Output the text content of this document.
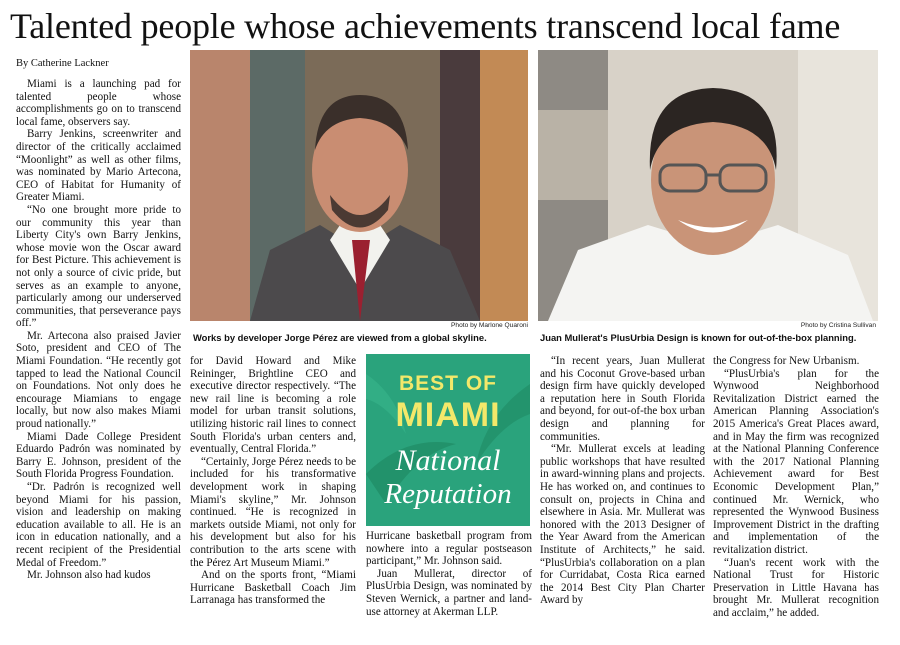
Talented people whose achievements transcend local fame
By Catherine Lackner

Miami is a launching pad for talented people whose accomplishments go on to transcend local fame, observers say.

Barry Jenkins, screenwriter and director of the critically acclaimed “Moonlight” as well as other films, was nominated by Mario Artecona, CEO of Habitat for Humanity of Greater Miami.

“No one brought more pride to our community this year than Liberty City's own Barry Jenkins, whose movie won the Oscar award for Best Picture. This achievement is not only a source of civic pride, but serves as an example to anyone, particularly among our underserved communities, that perseverance pays off.”

Mr. Artecona also praised Javier Soto, president and CEO of The Miami Foundation. “He recently got tapped to lead the National Council on Foundations. Not only does he encourage Miamians to engage locally, but now also makes Miami proud nationally.”

Miami Dade College President Eduardo Padrón was nominated by Barry E. Johnson, president of the South Florida Progress Foundation.

“Dr. Padrón is recognized well beyond Miami for his passion, vision and leadership on making education available to all. He is an icon in education nationally, and a recent recipient of the Presidential Medal of Freedom.”

Mr. Johnson also had kudos

Photo by Marlone Quaroni
Works by developer Jorge Pérez are viewed from a global skyline.
Photo by Cristina Sullivan
Juan Mullerat's PlusUrbia Design is known for out-of-the-box planning.

for David Howard and Mike Reininger, Brightline CEO and executive director respectively. “The new rail line is becoming a role model for urban transit solutions, utilizing historic rail lines to connect South Florida's urban centers and, eventually, Central Florida.”

“Certainly, Jorge Pérez needs to be included for his transformative development work in shaping Miami's skyline,” Mr. Johnson continued. “He is recognized in markets outside Miami, not only for his development but also for his contribution to the arts scene with the Pérez Art Museum Miami.”

And on the sports front, “Miami Hurricane Basketball Coach Jim Larranaga has transformed the

BEST OF
MIAMI
National
Reputation

Hurricane basketball program from nowhere into a regular postseason participant,” Mr. Johnson said.

Juan Mullerat, director of PlusUrbia Design, was nominated by Steven Wernick, a partner and land-use attorney at Akerman LLP.

“In recent years, Juan Mullerat and his Coconut Grove-based urban design firm have quickly developed a reputation here in South Florida and beyond, for out-of-the box urban design and planning for communities.

“Mr. Mullerat excels at leading public workshops that have resulted in award-winning plans and projects. He has worked on, and continues to consult on, projects in China and elsewhere in Asia. Mr. Mullerat was honored with the 2013 Designer of the Year Award from the American Institute of Architects,” he said. “PlusUrbia's collaboration on a plan for Curridabat, Costa Rica earned the 2014 Best City Plan Charter Award by

the Congress for New Urbanism.

“PlusUrbia's plan for the Wynwood Neighborhood Revitalization District earned the American Planning Association's 2015 America's Great Places award, and in May the firm was recognized at the National Planning Conference with the 2017 National Planning Achievement award for Best Economic Development Plan,” continued Mr. Wernick, who represented the Wynwood Business Improvement District in the drafting and implementation of the revitalization district.

“Juan's recent work with the National Trust for Historic Preservation in Little Havana has brought Mr. Mullerat recognition and acclaim,” he added.
